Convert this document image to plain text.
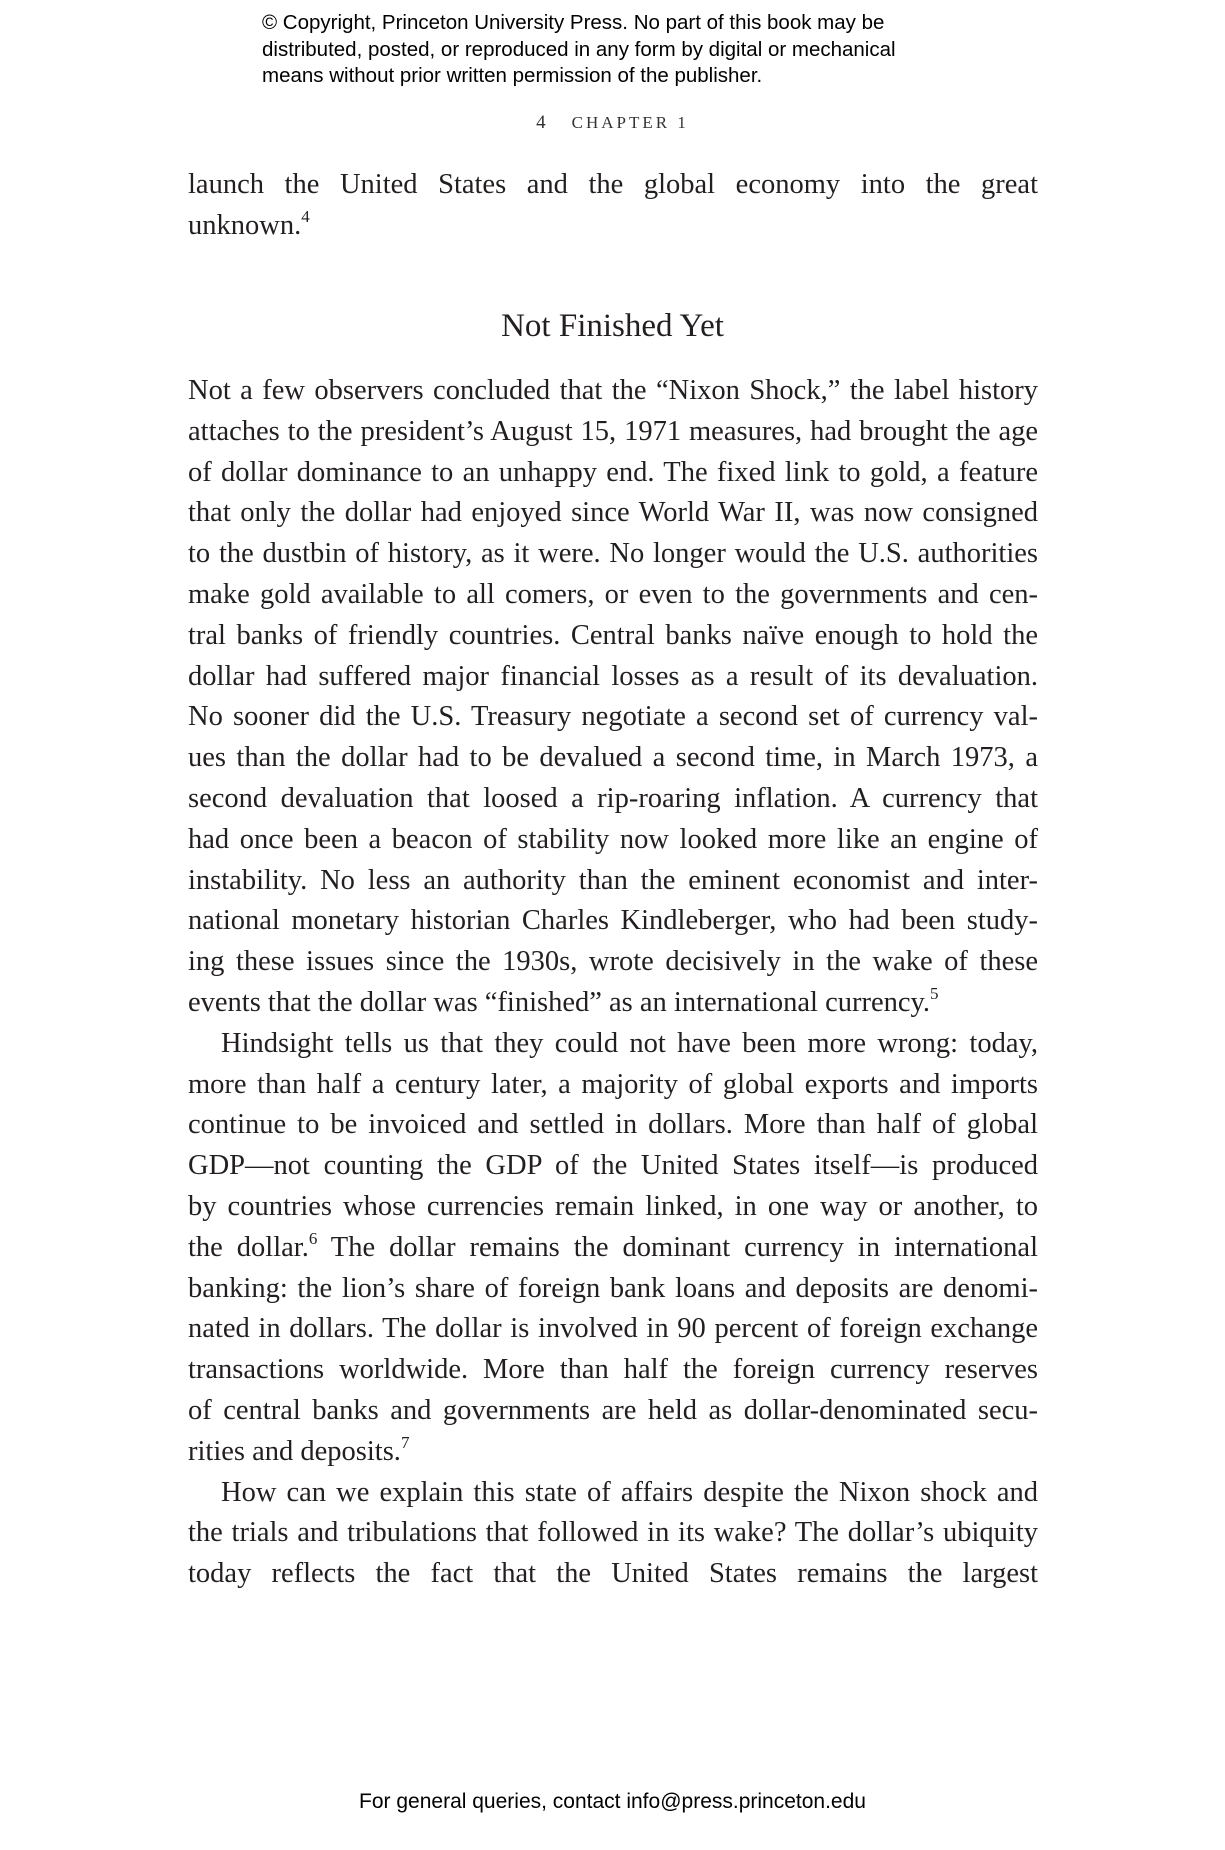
© Copyright, Princeton University Press. No part of this book may be
distributed, posted, or reproduced in any form by digital or mechanical
means without prior written permission of the publisher.
4 CHAPTER 1
launch the United States and the global economy into the great
unknown.$^4$
Not Finished Yet
Not a few observers concluded that the “Nixon Shock,” the label history
attaches to the president’s August 15, 1971 measures, had brought the age
of dollar dominance to an unhappy end. The fixed link to gold, a feature
that only the dollar had enjoyed since World War II, was now consigned
to the dustbin of history, as it were. No longer would the U.S. authorities
make gold available to all comers, or even to the governments and cen-
tral banks of friendly countries. Central banks naïve enough to hold the
dollar had suffered major financial losses as a result of its devaluation.
No sooner did the U.S. Treasury negotiate a second set of currency val-
ues than the dollar had to be devalued a second time, in March 1973, a
second devaluation that loosed a rip-roaring inflation. A currency that
had once been a beacon of stability now looked more like an engine of
instability. No less an authority than the eminent economist and inter-
national monetary historian Charles Kindleberger, who had been study-
ing these issues since the 1930s, wrote decisively in the wake of these
events that the dollar was “finished” as an international currency.$^5$
Hindsight tells us that they could not have been more wrong: today,
more than half a century later, a majority of global exports and imports
continue to be invoiced and settled in dollars. More than half of global
GDP—not counting the GDP of the United States itself—is produced
by countries whose currencies remain linked, in one way or another, to
the dollar.$^6$ The dollar remains the dominant currency in international
banking: the lion’s share of foreign bank loans and deposits are denomi-
nated in dollars. The dollar is involved in 90 percent of foreign exchange
transactions worldwide. More than half the foreign currency reserves
of central banks and governments are held as dollar-denominated secu-
rities and deposits.$^7$
How can we explain this state of affairs despite the Nixon shock and
the trials and tribulations that followed in its wake? The dollar’s ubiquity
today reflects the fact that the United States remains the largest
For general queries, contact info@press.princeton.edu
